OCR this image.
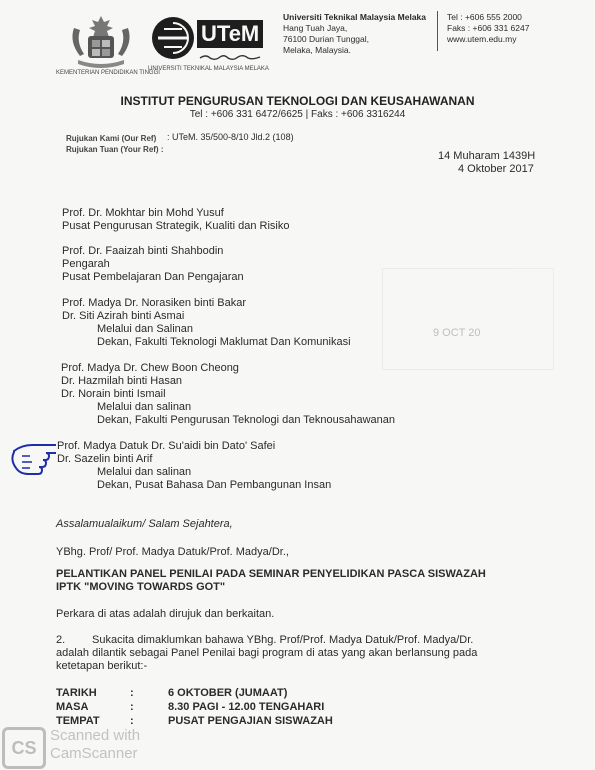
KEMENTERIAN PENDIDIKAN TINGGI
UTeM
UNIVERSITI TEKNIKAL MALAYSIA MELAKA
Universiti Teknikal Malaysia Melaka
Hang Tuah Jaya,
76100 Durian Tunggal,
Melaka, Malaysia.
Tel : +606 555 2000
Faks : +606 331 6247
www.utem.edu.my
INSTITUT PENGURUSAN TEKNOLOGI DAN KEUSAHAWANAN
Tel : +606 331 6472/6625 | Faks : +606 3316244
Rujukan Kami (Our Ref) : UTeM. 35/500-8/10 Jld.2 (108)
Rujukan Tuan (Your Ref) :
14 Muharam 1439H
4 Oktober 2017
9 OCT 20
Prof. Dr. Mokhtar bin Mohd Yusuf
Pusat Pengurusan Strategik, Kualiti dan Risiko
Prof. Dr. Faaizah binti Shahbodin
Pengarah
Pusat Pembelajaran Dan Pengajaran
Prof. Madya Dr. Norasiken binti Bakar
Dr. Siti Azirah binti Asmai
Melalui dan Salinan
Dekan, Fakulti Teknologi Maklumat Dan Komunikasi
Prof. Madya Dr. Chew Boon Cheong
Dr. Hazmilah binti Hasan
Dr. Norain binti Ismail
Melalui dan salinan
Dekan, Fakulti Pengurusan Teknologi dan Teknousahawanan
Prof. Madya Datuk Dr. Su'aidi bin Dato' Safei
Dr. Sazelin binti Arif
Melalui dan salinan
Dekan, Pusat Bahasa Dan Pembangunan Insan
Assalamualaikum/ Salam Sejahtera,
YBhg. Prof/ Prof. Madya Datuk/Prof. Madya/Dr.,
PELANTIKAN PANEL PENILAI PADA SEMINAR PENYELIDIKAN PASCA SISWAZAH
IPTK "MOVING TOWARDS GOT"
Perkara di atas adalah dirujuk dan berkaitan.
2. Sukacita dimaklumkan bahawa YBhg. Prof/Prof. Madya Datuk/Prof. Madya/Dr.
adalah dilantik sebagai Panel Penilai bagi program di atas yang akan berlansung pada
ketetapan berikut:-
TARIKH	:	6 OKTOBER (JUMAAT)
MASA	:	8.30 PAGI - 12.00 TENGAHARI
TEMPAT	:	PUSAT PENGAJIAN SISWAZAH
CS
Scanned with
CamScanner
